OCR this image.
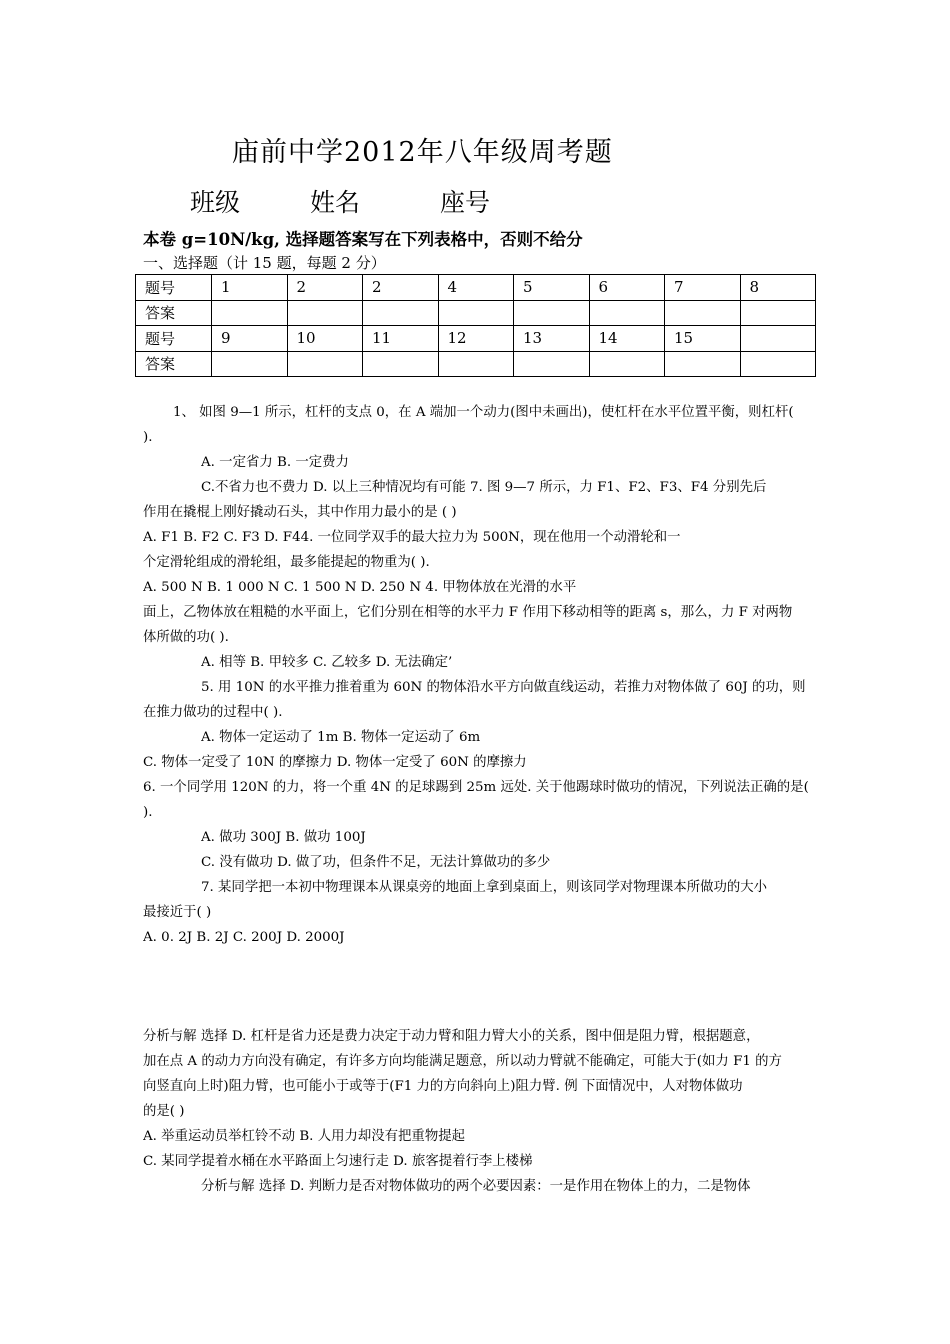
庙前中学2012年八年级周考题
班级	姓名	座号
本卷 g=10N/kg, 选择题答案写在下列表格中，否则不给分
一、选择题（计 15 题，每题 2 分）
题号	1	2	2	4	5	6	7	8
答案								
题号	9	10	11	12	13	14	15	
答案								
1、 如图 9—1 所示，杠杆的支点 0，在 A 端加一个动力(图中未画出)，使杠杆在水平位置平衡，则杠杆(
).
A. 一定省力 B. 一定费力
C.不省力也不费力 D. 以上三种情况均有可能 7. 图 9—7 所示，力 F1、F2、F3、F4 分别先后
作用在撬棍上刚好撬动石头，其中作用力最小的是 ( )
A. F1 B. F2 C. F3 D. F44. 一位同学双手的最大拉力为 500N，现在他用一个动滑轮和一
个定滑轮组成的滑轮组，最多能提起的物重为( ).
A. 500 N B. 1 000 N C. 1 500 N D. 250 N 4. 甲物体放在光滑的水平
面上，乙物体放在粗糙的水平面上，它们分别在相等的水平力 F 作用下移动相等的距离 s，那么，力 F 对两物
体所做的功( ).
A. 相等 B. 甲较多 C. 乙较多 D. 无法确定’
5. 用 10N 的水平推力推着重为 60N 的物体沿水平方向做直线运动，若推力对物体做了 60J 的功，则
在推力做功的过程中( ).
A. 物体一定运动了 1m B. 物体一定运动了 6m
C. 物体一定受了 10N 的摩擦力 D. 物体一定受了 60N 的摩擦力
6. 一个同学用 120N 的力，将一个重 4N 的足球踢到 25m 远处. 关于他踢球时做功的情况，下列说法正确的是(
).
A. 做功 300J B. 做功 100J
C. 没有做功 D. 做了功，但条件不足，无法计算做功的多少
7. 某同学把一本初中物理课本从课桌旁的地面上拿到桌面上，则该同学对物理课本所做功的大小
最接近于( )
A. 0. 2J B. 2J C. 200J D. 2000J
分析与解 选择 D. 杠杆是省力还是费力决定于动力臂和阻力臂大小的关系，图中佃是阻力臂，根据题意，
加在点 A 的动力方向没有确定，有许多方向均能满足题意，所以动力臂就不能确定，可能大于(如力 F1 的方
向竖直向上时)阻力臂，也可能小于或等于(F1 力的方向斜向上)阻力臂. 例 下面情况中，人对物体做功
的是( )
A. 举重运动员举杠铃不动 B. 人用力却没有把重物提起
C. 某同学提着水桶在水平路面上匀速行走 D. 旅客提着行李上楼梯
分析与解 选择 D. 判断力是否对物体做功的两个必要因素：一是作用在物体上的力，二是物体
